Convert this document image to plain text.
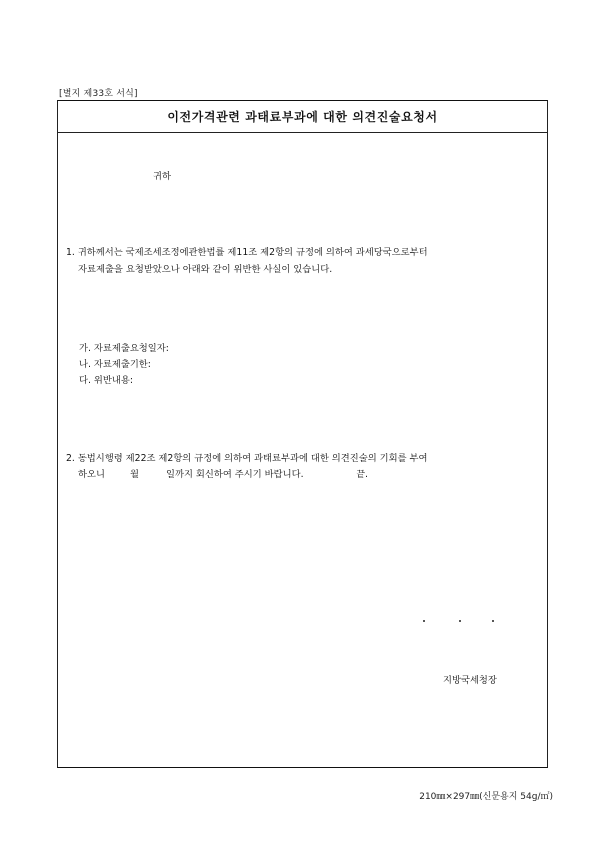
[별지 제33호 서식]
이전가격관련 과태료부과에 대한 의견진술요청서
귀하
1. 귀하께서는 국제조세조정에관한법률 제11조 제2항의 규정에 의하여 과세당국으로부터
자료제출을 요청받았으나 아래와 같이 위반한 사실이 있습니다.
가. 자료제출요청일자:
나. 자료제출기한:
다. 위반내용:
2. 동법시행령 제22조 제2항의 규정에 의하여 과태료부과에 대한 의견진술의 기회를 부여
하오니	월	일까지 회신하여 주시기 바랍니다.	끝.
지방국세청장
210㎜×297㎜(신문용지 54g/㎡)
